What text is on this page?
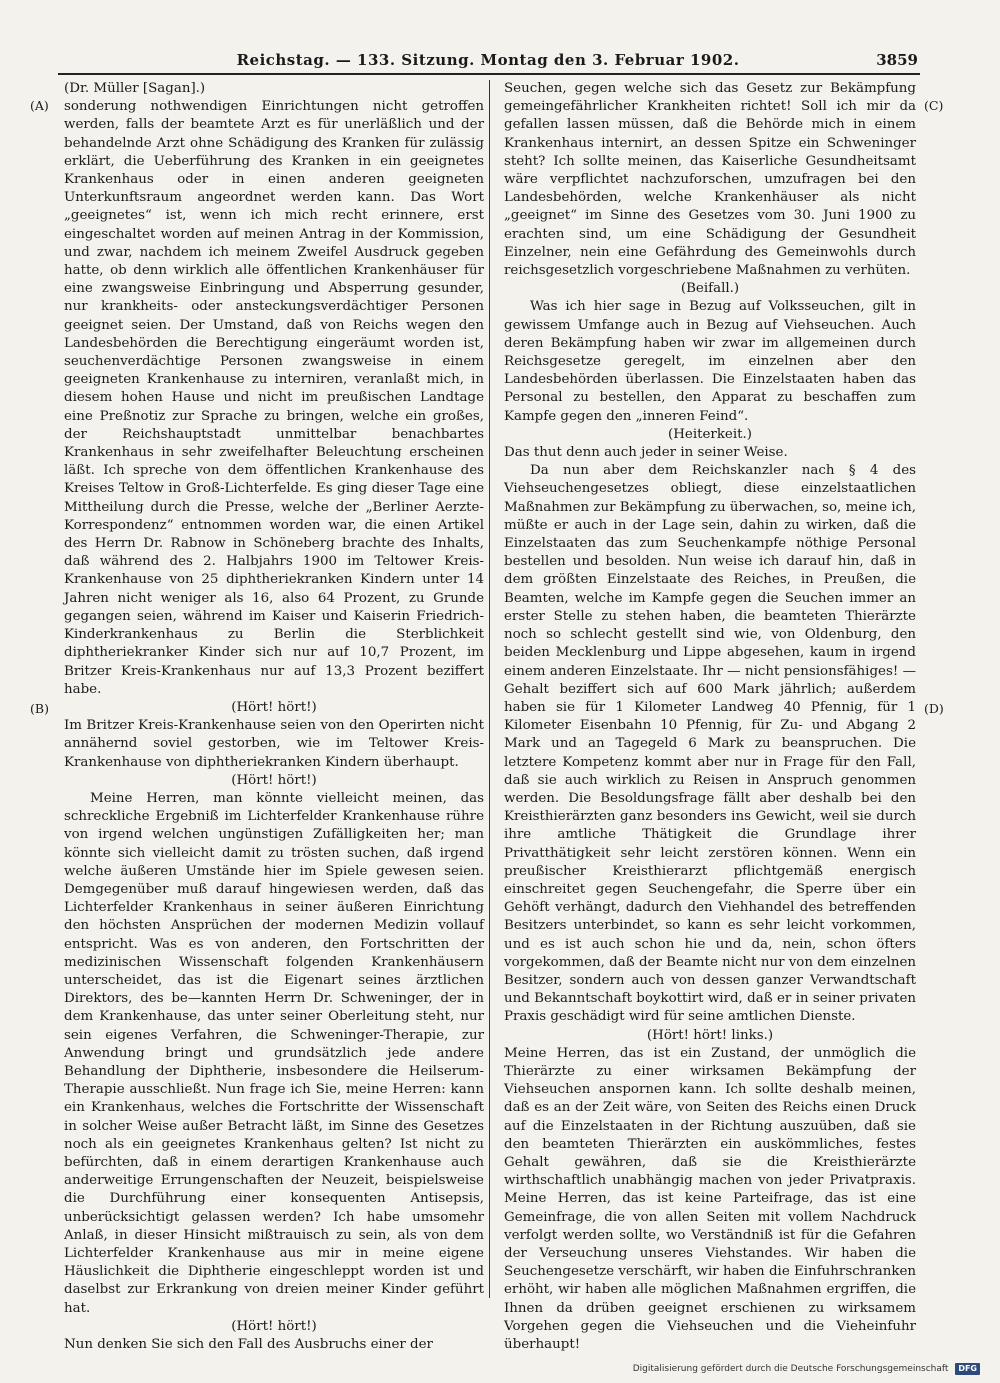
Reichstag. — 133. Sitzung. Montag den 3. Februar 1902.	3859
(A)
(B)
(C)
(D)

(Dr. Müller [Sagan].)

sonderung nothwendigen Einrichtungen nicht getroffen werden, falls der beamtete Arzt es für unerläßlich und der behandelnde Arzt ohne Schädigung des Kranken für zulässig erklärt, die Ueberführung des Kranken in ein geeignetes Krankenhaus oder in einen anderen geeigneten Unterkunftsraum angeordnet werden kann. Das Wort „geeignetes“ ist, wenn ich mich recht erinnere, erst eingeschaltet worden auf meinen Antrag in der Kommission, und zwar, nachdem ich meinem Zweifel Ausdruck gegeben hatte, ob denn wirklich alle öffentlichen Krankenhäuser für eine zwangsweise Einbringung und Absperrung gesunder, nur krankheits- oder ansteckungsverdächtiger Personen geeignet seien. Der Umstand, daß von Reichs wegen den Landesbehörden die Berechtigung eingeräumt worden ist, seuchenverdächtige Personen zwangsweise in einem geeigneten Krankenhause zu interniren, veranlaßt mich, in diesem hohen Hause und nicht im preußischen Landtage eine Preßnotiz zur Sprache zu bringen, welche ein großes, der Reichshauptstadt unmittelbar benachbartes Krankenhaus in sehr zweifelhafter Beleuchtung erscheinen läßt. Ich spreche von dem öffentlichen Krankenhause des Kreises Teltow in Groß-Lichterfelde. Es ging dieser Tage eine Mittheilung durch die Presse, welche der „Berliner Aerzte-Korrespondenz“ entnommen worden war, die einen Artikel des Herrn Dr. Rabnow in Schöneberg brachte des Inhalts, daß während des 2. Halbjahrs 1900 im Teltower Kreis-Krankenhause von 25 diphtheriekranken Kindern unter 14 Jahren nicht weniger als 16, also 64 Prozent, zu Grunde gegangen seien, während im Kaiser und Kaiserin Friedrich-Kinderkrankenhaus zu Berlin die Sterblichkeit diphtheriekranker Kinder sich nur auf 10,7 Prozent, im Britzer Kreis-Krankenhaus nur auf 13,3 Prozent beziffert habe.

(Hört! hört!)

Im Britzer Kreis-Krankenhause seien von den Operirten nicht annähernd soviel gestorben, wie im Teltower Kreis-Krankenhause von diphtheriekranken Kindern überhaupt.

(Hört! hört!)

Meine Herren, man könnte vielleicht meinen, das schreckliche Ergebniß im Lichterfelder Krankenhause rühre von irgend welchen ungünstigen Zufälligkeiten her; man könnte sich vielleicht damit zu trösten suchen, daß irgend welche äußeren Umstände hier im Spiele gewesen seien. Demgegenüber muß darauf hingewiesen werden, daß das Lichterfelder Krankenhaus in seiner äußeren Einrichtung den höchsten Ansprüchen der modernen Medizin vollauf entspricht. Was es von anderen, den Fortschritten der medizinischen Wissenschaft folgenden Krankenhäusern unterscheidet, das ist die Eigenart seines ärztlichen Direktors, des be—kannten Herrn Dr. Schweninger, der in dem Krankenhause, das unter seiner Oberleitung steht, nur sein eigenes Verfahren, die Schweninger-Therapie, zur Anwendung bringt und grundsätzlich jede andere Behandlung der Diphtherie, insbesondere die Heilserum-Therapie ausschließt. Nun frage ich Sie, meine Herren: kann ein Krankenhaus, welches die Fortschritte der Wissenschaft in solcher Weise außer Betracht läßt, im Sinne des Gesetzes noch als ein geeignetes Krankenhaus gelten? Ist nicht zu befürchten, daß in einem derartigen Krankenhause auch anderweitige Errungenschaften der Neuzeit, beispielsweise die Durchführung einer konsequenten Antisepsis, unberücksichtigt gelassen werden? Ich habe umsomehr Anlaß, in dieser Hinsicht mißtrauisch zu sein, als von dem Lichterfelder Krankenhause aus mir in meine eigene Häuslichkeit die Diphtherie eingeschleppt worden ist und daselbst zur Erkrankung von dreien meiner Kinder geführt hat.

(Hört! hört!)

Nun denken Sie sich den Fall des Ausbruchs einer der

Seuchen, gegen welche sich das Gesetz zur Bekämpfung gemeingefährlicher Krankheiten richtet! Soll ich mir da gefallen lassen müssen, daß die Behörde mich in einem Krankenhaus internirt, an dessen Spitze ein Schweninger steht? Ich sollte meinen, das Kaiserliche Gesundheitsamt wäre verpflichtet nachzuforschen, umzufragen bei den Landesbehörden, welche Krankenhäuser als nicht „geeignet“ im Sinne des Gesetzes vom 30. Juni 1900 zu erachten sind, um eine Schädigung der Gesundheit Einzelner, nein eine Gefährdung des Gemeinwohls durch reichsgesetzlich vorgeschriebene Maßnahmen zu verhüten.

(Beifall.)

Was ich hier sage in Bezug auf Volksseuchen, gilt in gewissem Umfange auch in Bezug auf Viehseuchen. Auch deren Bekämpfung haben wir zwar im allgemeinen durch Reichsgesetze geregelt, im einzelnen aber den Landesbehörden überlassen. Die Einzelstaaten haben das Personal zu bestellen, den Apparat zu beschaffen zum Kampfe gegen den „inneren Feind“.

(Heiterkeit.)

Das thut denn auch jeder in seiner Weise.

Da nun aber dem Reichskanzler nach § 4 des Viehseuchengesetzes obliegt, diese einzelstaatlichen Maßnahmen zur Bekämpfung zu überwachen, so, meine ich, müßte er auch in der Lage sein, dahin zu wirken, daß die Einzelstaaten das zum Seuchenkampfe nöthige Personal bestellen und besolden. Nun weise ich darauf hin, daß in dem größten Einzelstaate des Reiches, in Preußen, die Beamten, welche im Kampfe gegen die Seuchen immer an erster Stelle zu stehen haben, die beamteten Thierärzte noch so schlecht gestellt sind wie, von Oldenburg, den beiden Mecklenburg und Lippe abgesehen, kaum in irgend einem anderen Einzelstaate. Ihr — nicht pensionsfähiges! — Gehalt beziffert sich auf 600 Mark jährlich; außerdem haben sie für 1 Kilometer Landweg 40 Pfennig, für 1 Kilometer Eisenbahn 10 Pfennig, für Zu- und Abgang 2 Mark und an Tagegeld 6 Mark zu beanspruchen. Die letztere Kompetenz kommt aber nur in Frage für den Fall, daß sie auch wirklich zu Reisen in Anspruch genommen werden. Die Besoldungsfrage fällt aber deshalb bei den Kreisthierärzten ganz besonders ins Gewicht, weil sie durch ihre amtliche Thätigkeit die Grundlage ihrer Privatthätigkeit sehr leicht zerstören können. Wenn ein preußischer Kreisthierarzt pflichtgemäß energisch einschreitet gegen Seuchengefahr, die Sperre über ein Gehöft verhängt, dadurch den Viehhandel des betreffenden Besitzers unterbindet, so kann es sehr leicht vorkommen, und es ist auch schon hie und da, nein, schon öfters vorgekommen, daß der Beamte nicht nur von dem einzelnen Besitzer, sondern auch von dessen ganzer Verwandtschaft und Bekanntschaft boykottirt wird, daß er in seiner privaten Praxis geschädigt wird für seine amtlichen Dienste.

(Hört! hört! links.)

Meine Herren, das ist ein Zustand, der unmöglich die Thierärzte zu einer wirksamen Bekämpfung der Viehseuchen anspornen kann. Ich sollte deshalb meinen, daß es an der Zeit wäre, von Seiten des Reichs einen Druck auf die Einzelstaaten in der Richtung auszuüben, daß sie den beamteten Thierärzten ein auskömmliches, festes Gehalt gewähren, daß sie die Kreisthierärzte wirthschaftlich unabhängig machen von jeder Privatpraxis. Meine Herren, das ist keine Parteifrage, das ist eine Gemeinfrage, die von allen Seiten mit vollem Nachdruck verfolgt werden sollte, wo Verständniß ist für die Gefahren der Verseuchung unseres Viehstandes. Wir haben die Seuchengesetze verschärft, wir haben die Einfuhrschranken erhöht, wir haben alle möglichen Maßnahmen ergriffen, die Ihnen da drüben geeignet erschienen zu wirksamem Vorgehen gegen die Viehseuchen und die Vieheinfuhr überhaupt!

Digitalisierung gefördert durch die Deutsche Forschungsgemeinschaft DFG
